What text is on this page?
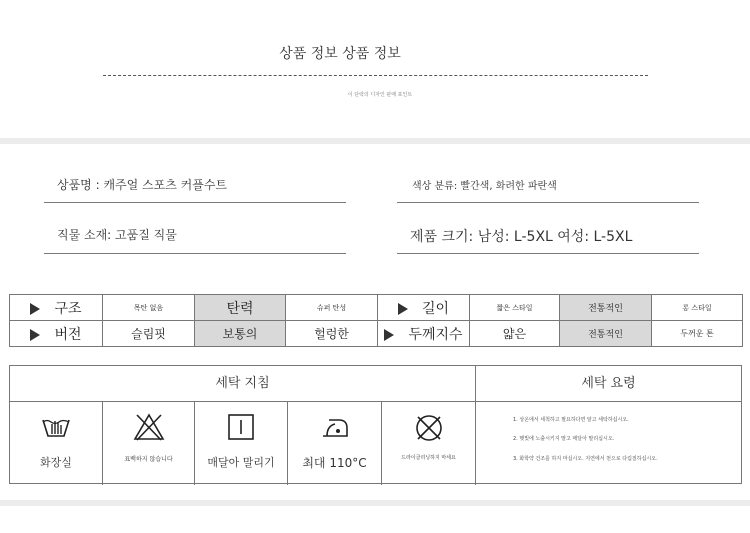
상품 정보 상품 정보
이 단락의 디자인 판매 포인트
상품명 : 캐주얼 스포츠 커플수트	색상 분류: 빨간색, 화려한 파란색
직물 소재: 고품질 직물	제품 크기: 남성: L-5XL 여성: L-5XL
구조	목탄 없음	탄력	슈퍼 탄성	길이	짧은 스타일	전통적인	롱 스타일
버전	슬림핏	보통의	헐렁한	두께지수	얇은	전통적인	두꺼운 톤
세탁 지침	세탁 요령
화장실	표백하지 않습니다	매달아 말리기	최대 110°C	드라이클리닝하지 마세요
1. 상온에서 세척하고 필요하다면 알고 세탁하십시오.
2. 햇빛에 노출시키지 말고 매달아 말리십시오.
3. 화학약 건조를 하지 마십시오. 지연에서 천으로 다림질하십시오.
